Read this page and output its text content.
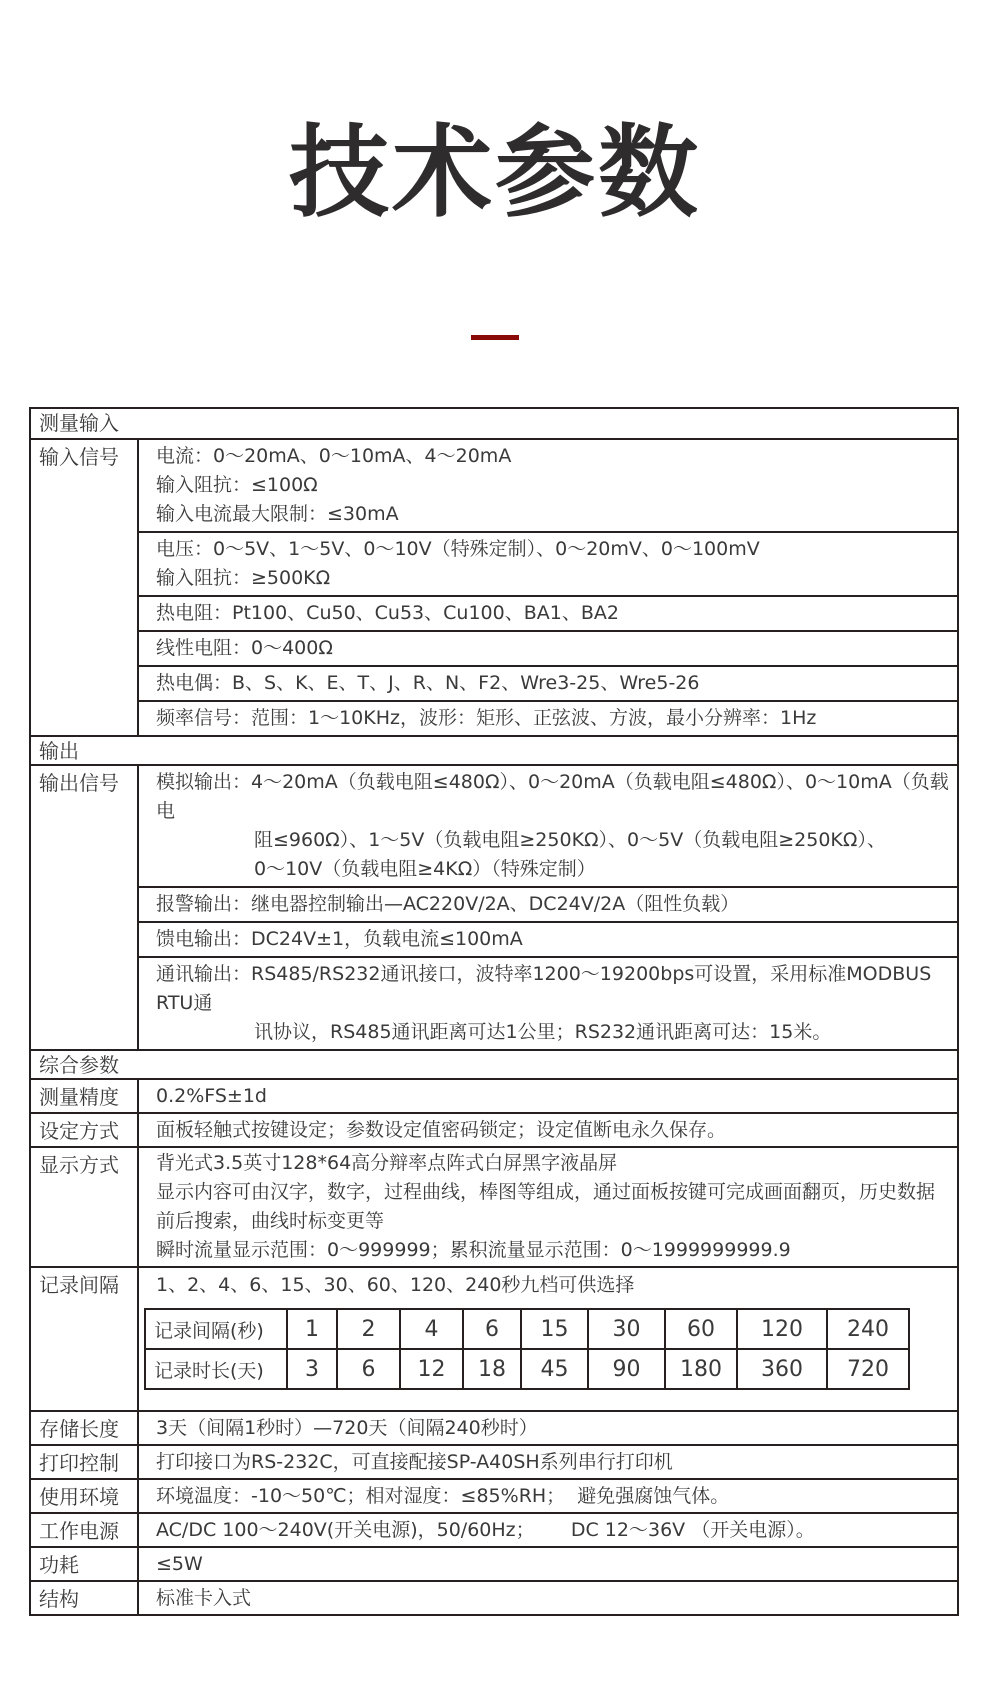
技术参数
测量输入
输入信号	电流：0～20mA、0～10mA、4～20mA
输入阻抗：≤100Ω
输入电流最大限制：≤30mA
电压：0～5V、1～5V、0～10V（特殊定制）、0～20mV、0～100mV
输入阻抗：≥500KΩ
热电阻：Pt100、Cu50、Cu53、Cu100、BA1、BA2
线性电阻：0～400Ω
热电偶：B、S、K、E、T、J、R、N、F2、Wre3-25、Wre5-26
频率信号：范围：1～10KHz，波形：矩形、正弦波、方波，最小分辨率：1Hz
输出
输出信号	模拟输出：4～20mA（负载电阻≤480Ω）、0～20mA（负载电阻≤480Ω）、0～10mA（负载电
阻≤960Ω）、1～5V（负载电阻≥250KΩ）、0～5V（负载电阻≥250KΩ）、
0～10V（负载电阻≥4KΩ）（特殊定制）
报警输出：继电器控制输出—AC220V/2A、DC24V/2A（阻性负载）
馈电输出：DC24V±1，负载电流≤100mA
通讯输出：RS485/RS232通讯接口，波特率1200～19200bps可设置，采用标准MODBUS RTU通
讯协议，RS485通讯距离可达1公里；RS232通讯距离可达：15米。
综合参数
测量精度	0.2%FS±1d
设定方式	面板轻触式按键设定；参数设定值密码锁定；设定值断电永久保存。
显示方式	背光式3.5英寸128*64高分辩率点阵式白屏黑字液晶屏
显示内容可由汉字，数字，过程曲线，棒图等组成，通过面板按键可完成画面翻页，历史数据
前后搜索，曲线时标变更等
瞬时流量显示范围：0～999999；累积流量显示范围：0～1999999999.9
记录间隔	1、2、4、6、15、30、60、120、240秒九档可供选择
记录间隔(秒)	1	2	4	6	15	30	60	120	240
记录时长(天)	3	6	12	18	45	90	180	360	720
存储长度	3天（间隔1秒时）—720天（间隔240秒时）
打印控制	打印接口为RS-232C，可直接配接SP-A40SH系列串行打印机
使用环境	环境温度：-10～50℃；相对湿度：≤85%RH；  避免强腐蚀气体。
工作电源	AC/DC 100～240V(开关电源)，50/60Hz；      DC 12～36V （开关电源）。
功耗	≤5W
结构	标准卡入式
